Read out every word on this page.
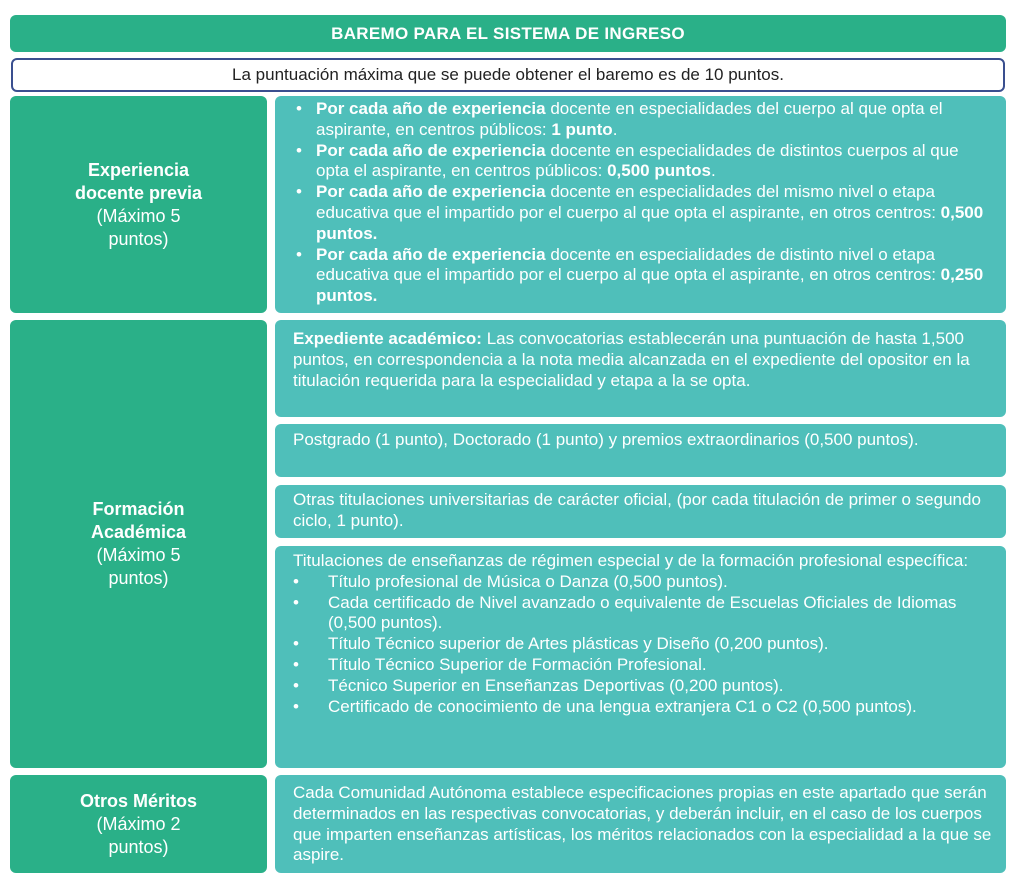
BAREMO PARA EL SISTEMA DE INGRESO
La puntuación máxima que se puede obtener el baremo es de 10 puntos.
Experiencia
docente previa
(Máximo 5
puntos)
• Por cada año de experiencia docente en especialidades del cuerpo al que opta el aspirante, en centros públicos: 1 punto.
• Por cada año de experiencia docente en especialidades de distintos cuerpos al que opta el aspirante, en centros públicos: 0,500 puntos.
• Por cada año de experiencia docente en especialidades del mismo nivel o etapa educativa que el impartido por el cuerpo al que opta el aspirante, en otros centros: 0,500 puntos.
• Por cada año de experiencia docente en especialidades de distinto nivel o etapa educativa que el impartido por el cuerpo al que opta el aspirante, en otros centros: 0,250 puntos.
Formación
Académica
(Máximo 5
puntos)
Expediente académico: Las convocatorias establecerán una puntuación de hasta 1,500 puntos, en correspondencia a la nota media alcanzada en el expediente del opositor en la titulación requerida para la especialidad y etapa a la se opta.
Postgrado (1 punto), Doctorado (1 punto) y premios extraordinarios (0,500 puntos).
Otras titulaciones universitarias de carácter oficial, (por cada titulación de primer o segundo ciclo, 1 punto).
Titulaciones de enseñanzas de régimen especial y de la formación profesional específica:
• Título profesional de Música o Danza (0,500 puntos).
• Cada certificado de Nivel avanzado o equivalente de Escuelas Oficiales de Idiomas (0,500 puntos).
• Título Técnico superior de Artes plásticas y Diseño (0,200 puntos).
• Título Técnico Superior de Formación Profesional.
• Técnico Superior en Enseñanzas Deportivas (0,200 puntos).
• Certificado de conocimiento de una lengua extranjera C1 o C2 (0,500 puntos).
Otros Méritos
(Máximo 2
puntos)
Cada Comunidad Autónoma establece especificaciones propias en este apartado que serán determinados en las respectivas convocatorias, y deberán incluir, en el caso de los cuerpos que imparten enseñanzas artísticas, los méritos relacionados con la especialidad a la que se aspire.
